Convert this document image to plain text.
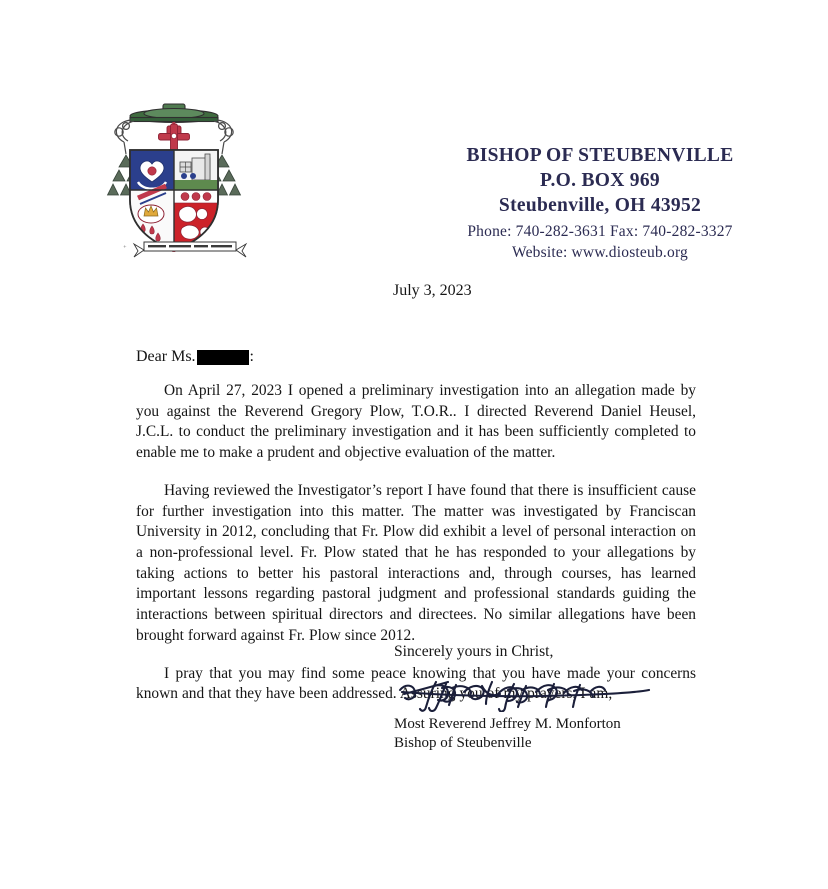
⁺
BISHOP OF STEUBENVILLE
P.O. BOX 969
Steubenville, OH 43952
Phone: 740-282-3631 Fax: 740-282-3327
Website: www.diosteub.org
July 3, 2023
Dear Ms.	:

On April 27, 2023 I opened a preliminary investigation into an allegation made by you against the Reverend Gregory Plow, T.O.R.. I directed Reverend Daniel Heusel, J.C.L. to conduct the preliminary investigation and it has been sufficiently completed to enable me to make a prudent and objective evaluation of the matter.

Having reviewed the Investigator’s report I have found that there is insufficient cause for further investigation into this matter. The matter was investigated by Franciscan University in 2012, concluding that Fr. Plow did exhibit a level of personal interaction on a non-professional level. Fr. Plow stated that he has responded to your allegations by taking actions to better his pastoral interactions and, through courses, has learned important lessons regarding pastoral judgment and professional standards guiding the interactions between spiritual directors and directees. No similar allegations have been brought forward against Fr. Plow since 2012.

I pray that you may find some peace knowing that you have made your concerns known and that they have been addressed. Assuring you of my prayers, I am,

Sincerely yours in Christ,
Most Reverend Jeffrey M. Monforton
Bishop of Steubenville
